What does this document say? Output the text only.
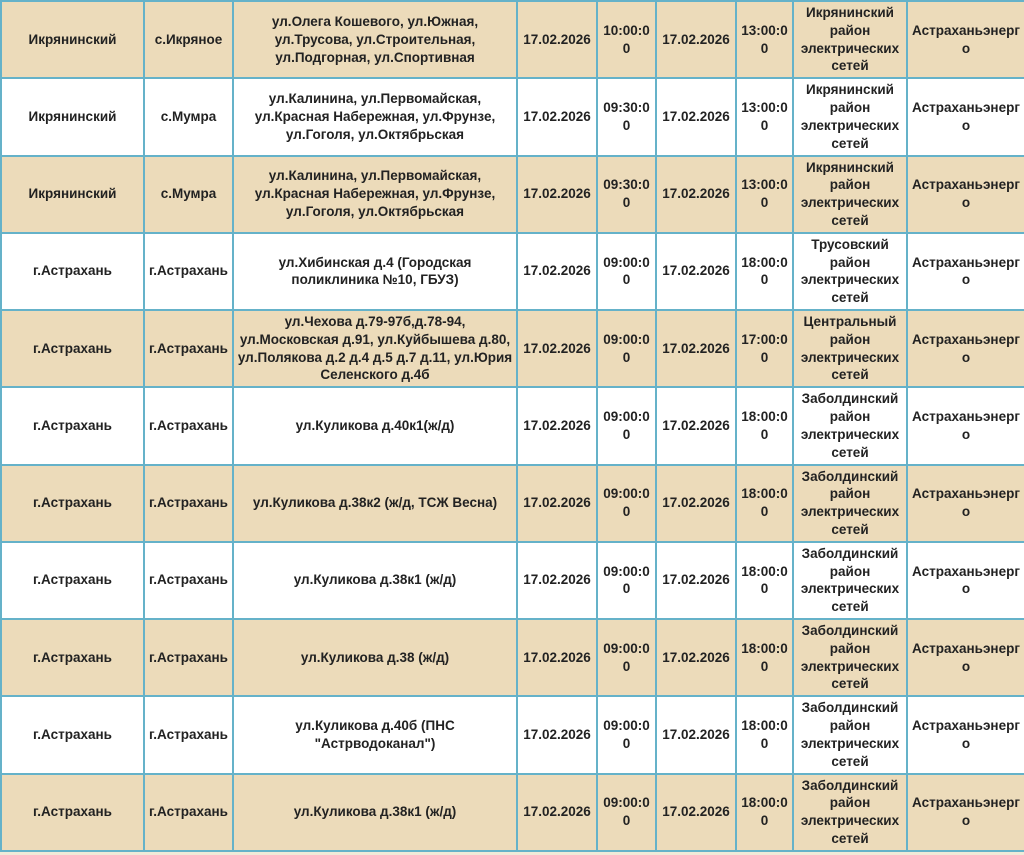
Икрянинский	с.Икряное	ул.Олега Кошевого, ул.Южная, ул.Трусова, ул.Строительная, ул.Подгорная, ул.Спортивная	17.02.2026	10:00:00	17.02.2026	13:00:00	Икрянинский район электрических сетей	Астраханьэнерго
Икрянинский	с.Мумра	ул.Калинина, ул.Первомайская, ул.Красная Набережная, ул.Фрунзе, ул.Гоголя, ул.Октябрьская	17.02.2026	09:30:00	17.02.2026	13:00:00	Икрянинский район электрических сетей	Астраханьэнерго
Икрянинский	с.Мумра	ул.Калинина, ул.Первомайская, ул.Красная Набережная, ул.Фрунзе, ул.Гоголя, ул.Октябрьская	17.02.2026	09:30:00	17.02.2026	13:00:00	Икрянинский район электрических сетей	Астраханьэнерго
г.Астрахань	г.Астрахань	ул.Хибинская д.4 (Городская поликлиника №10, ГБУЗ)	17.02.2026	09:00:00	17.02.2026	18:00:00	Трусовский район электрических сетей	Астраханьэнерго
г.Астрахань	г.Астрахань	ул.Чехова д.79-97б,д.78-94, ул.Московская д.91, ул.Куйбышева д.80, ул.Полякова д.2 д.4 д.5 д.7 д.11, ул.Юрия Селенского д.4б	17.02.2026	09:00:00	17.02.2026	17:00:00	Центральный район электрических сетей	Астраханьэнерго
г.Астрахань	г.Астрахань	ул.Куликова д.40к1(ж/д)	17.02.2026	09:00:00	17.02.2026	18:00:00	Заболдинский район электрических сетей	Астраханьэнерго
г.Астрахань	г.Астрахань	ул.Куликова д.38к2 (ж/д, ТСЖ Весна)	17.02.2026	09:00:00	17.02.2026	18:00:00	Заболдинский район электрических сетей	Астраханьэнерго
г.Астрахань	г.Астрахань	ул.Куликова д.38к1 (ж/д)	17.02.2026	09:00:00	17.02.2026	18:00:00	Заболдинский район электрических сетей	Астраханьэнерго
г.Астрахань	г.Астрахань	ул.Куликова д.38 (ж/д)	17.02.2026	09:00:00	17.02.2026	18:00:00	Заболдинский район электрических сетей	Астраханьэнерго
г.Астрахань	г.Астрахань	ул.Куликова д.40б (ПНС "Астрводоканал")	17.02.2026	09:00:00	17.02.2026	18:00:00	Заболдинский район электрических сетей	Астраханьэнерго
г.Астрахань	г.Астрахань	ул.Куликова д.38к1 (ж/д)	17.02.2026	09:00:00	17.02.2026	18:00:00	Заболдинский район электрических сетей	Астраханьэнерго
